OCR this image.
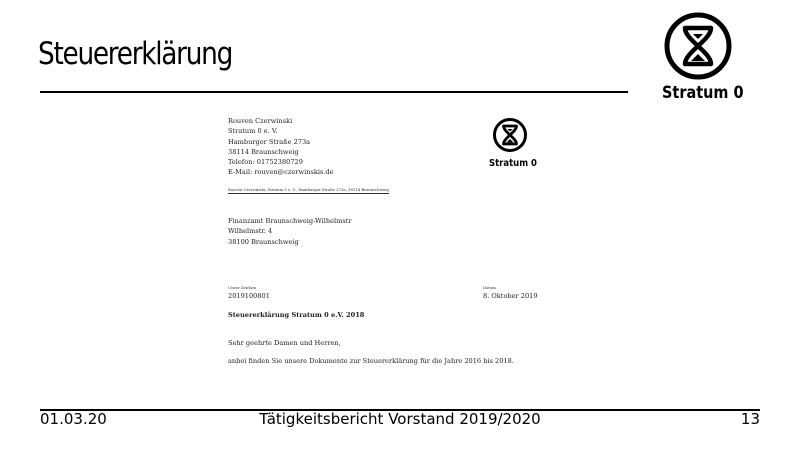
Steuererklärung
Stratum 0
Rouven Czerwinski
Stratum 0 e. V.
Hamburger Straße 273a
38114 Braunschweig
Telefon: 01752380729
E-Mail: rouven@czerwinskis.de
Stratum 0
Rouven Czerwinski, Stratum 0 e. V., Hamburger Straße 273a, 38114 Braunschweig
Finanzamt Braunschweig-Wilhelmstr
Wilhelmstr. 4
38100 Braunschweig
Unser Zeichen
2019100801
Datum
8. Oktober 2019
Steuererklärung Stratum 0 e.V. 2018
Sehr geehrte Damen und Herren,
anbei finden Sie unsere Dokumente zur Steuererklärung für die Jahre 2016 bis 2018.
01.03.20	Tätigkeitsbericht Vorstand 2019/2020	13
